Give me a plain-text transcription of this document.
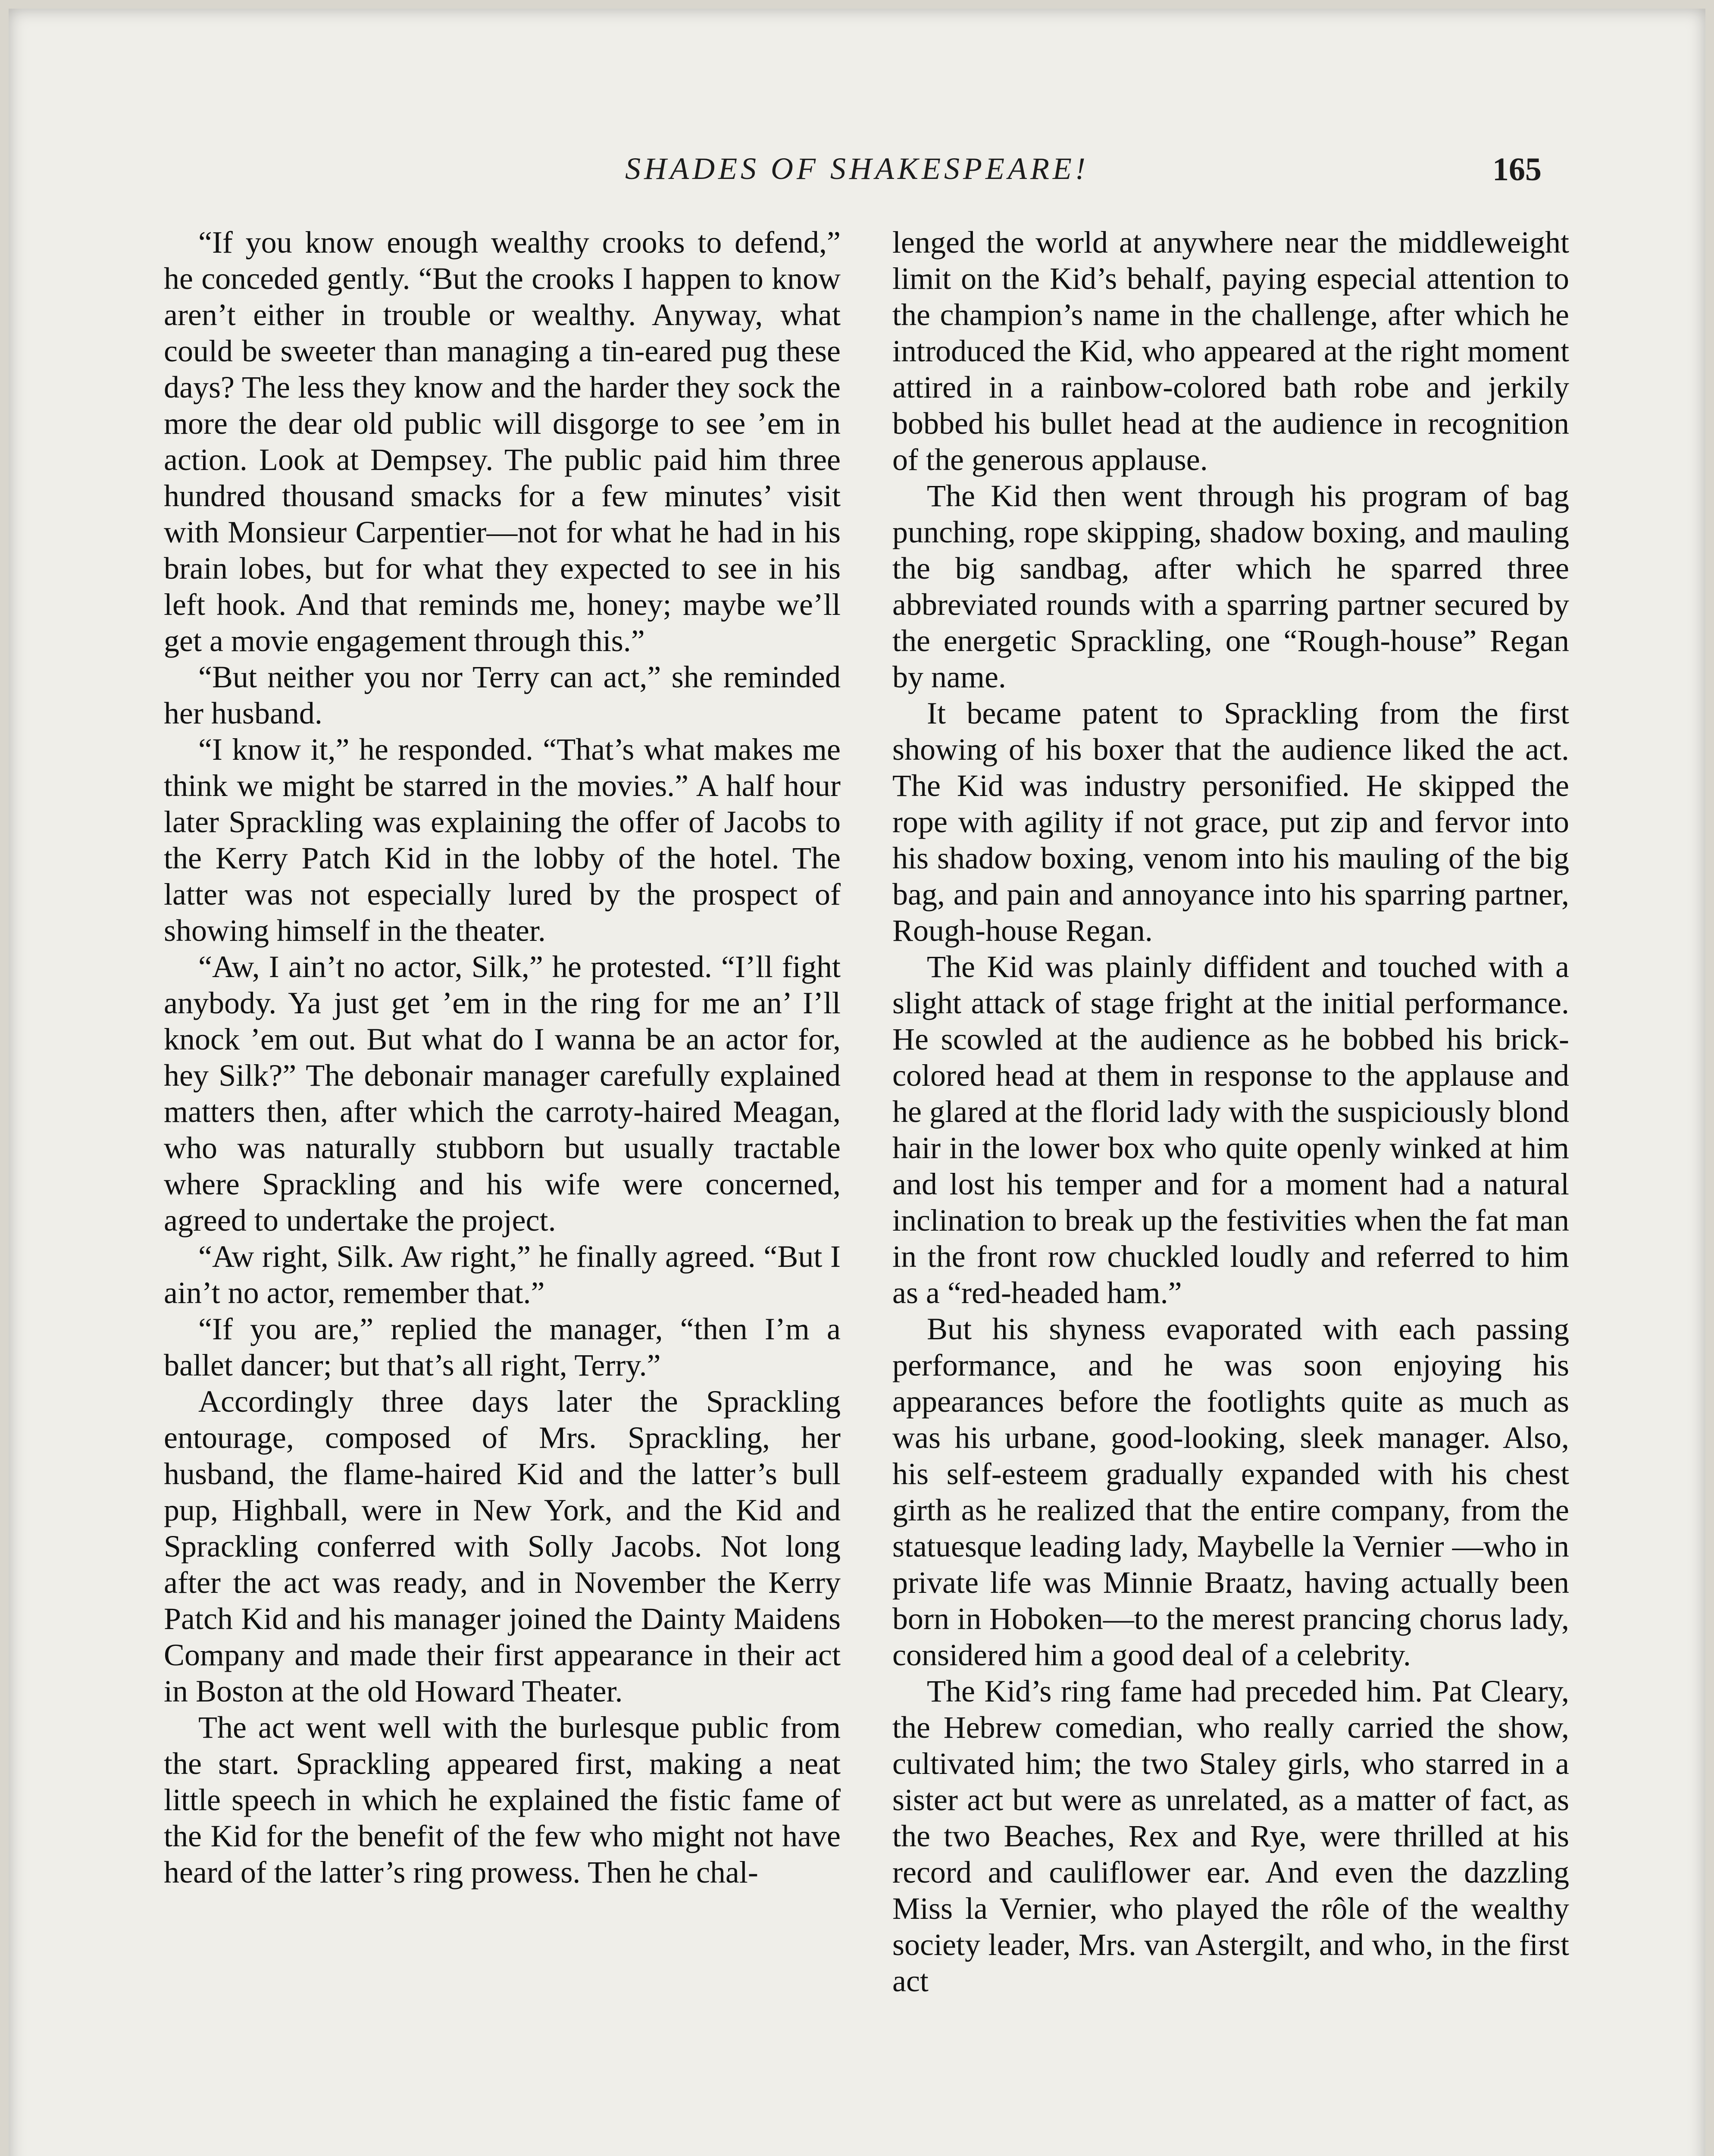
SHADES OF SHAKESPEARE!	165

“If you know enough wealthy crooks to defend,” he conceded gently. “But the crooks I happen to know aren’t either in trouble or wealthy. Anyway, what could be sweeter than managing a tin-eared pug these days? The less they know and the harder they sock the more the dear old public will disgorge to see ’em in action. Look at Dempsey. The public paid him three hundred thousand smacks for a few minutes’ visit with Monsieur Carpentier—not for what he had in his brain lobes, but for what they expected to see in his left hook. And that reminds me, honey; maybe we’ll get a movie engagement through this.”

“But neither you nor Terry can act,” she reminded her husband.

“I know it,” he responded. “That’s what makes me think we might be starred in the movies.” A half hour later Sprackling was explaining the offer of Jacobs to the Kerry Patch Kid in the lobby of the hotel. The latter was not especially lured by the prospect of showing himself in the theater.

“Aw, I ain’t no actor, Silk,” he protested. “I’ll fight anybody. Ya just get ’em in the ring for me an’ I’ll knock ’em out. But what do I wanna be an actor for, hey Silk?” The debonair manager carefully explained matters then, after which the carroty-haired Meagan, who was naturally stubborn but usually tractable where Sprackling and his wife were concerned, agreed to undertake the project.

“Aw right, Silk. Aw right,” he finally agreed. “But I ain’t no actor, remember that.”

“If you are,” replied the manager, “then I’m a ballet dancer; but that’s all right, Terry.”

Accordingly three days later the Sprackling entourage, composed of Mrs. Sprackling, her husband, the flame-haired Kid and the latter’s bull pup, Highball, were in New York, and the Kid and Sprackling conferred with Solly Jacobs. Not long after the act was ready, and in November the Kerry Patch Kid and his manager joined the Dainty Maidens Company and made their first appearance in their act in Boston at the old Howard Theater.

The act went well with the burlesque public from the start. Sprackling appeared first, making a neat little speech in which he explained the fistic fame of the Kid for the benefit of the few who might not have heard of the latter’s ring prowess. Then he chal-

lenged the world at anywhere near the middleweight limit on the Kid’s behalf, paying especial attention to the champion’s name in the challenge, after which he introduced the Kid, who appeared at the right moment attired in a rainbow-colored bath robe and jerkily bobbed his bullet head at the audience in recognition of the generous applause.

The Kid then went through his program of bag punching, rope skipping, shadow boxing, and mauling the big sandbag, after which he sparred three abbreviated rounds with a sparring partner secured by the energetic Sprackling, one “Rough-house” Regan by name.

It became patent to Sprackling from the first showing of his boxer that the audience liked the act. The Kid was industry personified. He skipped the rope with agility if not grace, put zip and fervor into his shadow boxing, venom into his mauling of the big bag, and pain and annoyance into his sparring partner, Rough-house Regan.

The Kid was plainly diffident and touched with a slight attack of stage fright at the initial performance. He scowled at the audience as he bobbed his brick-colored head at them in response to the applause and he glared at the florid lady with the suspiciously blond hair in the lower box who quite openly winked at him and lost his temper and for a moment had a natural inclination to break up the festivities when the fat man in the front row chuckled loudly and referred to him as a “red-headed ham.”

But his shyness evaporated with each passing performance, and he was soon enjoying his appearances before the footlights quite as much as was his urbane, good-looking, sleek manager. Also, his self-esteem gradually expanded with his chest girth as he realized that the entire company, from the statuesque leading lady, Maybelle la Vernier —who in private life was Minnie Braatz, having actually been born in Hoboken—to the merest prancing chorus lady, considered him a good deal of a celebrity.

The Kid’s ring fame had preceded him. Pat Cleary, the Hebrew comedian, who really carried the show, cultivated him; the two Staley girls, who starred in a sister act but were as unrelated, as a matter of fact, as the two Beaches, Rex and Rye, were thrilled at his record and cauliflower ear. And even the dazzling Miss la Vernier, who played the rôle of the wealthy society leader, Mrs. van Astergilt, and who, in the first act
